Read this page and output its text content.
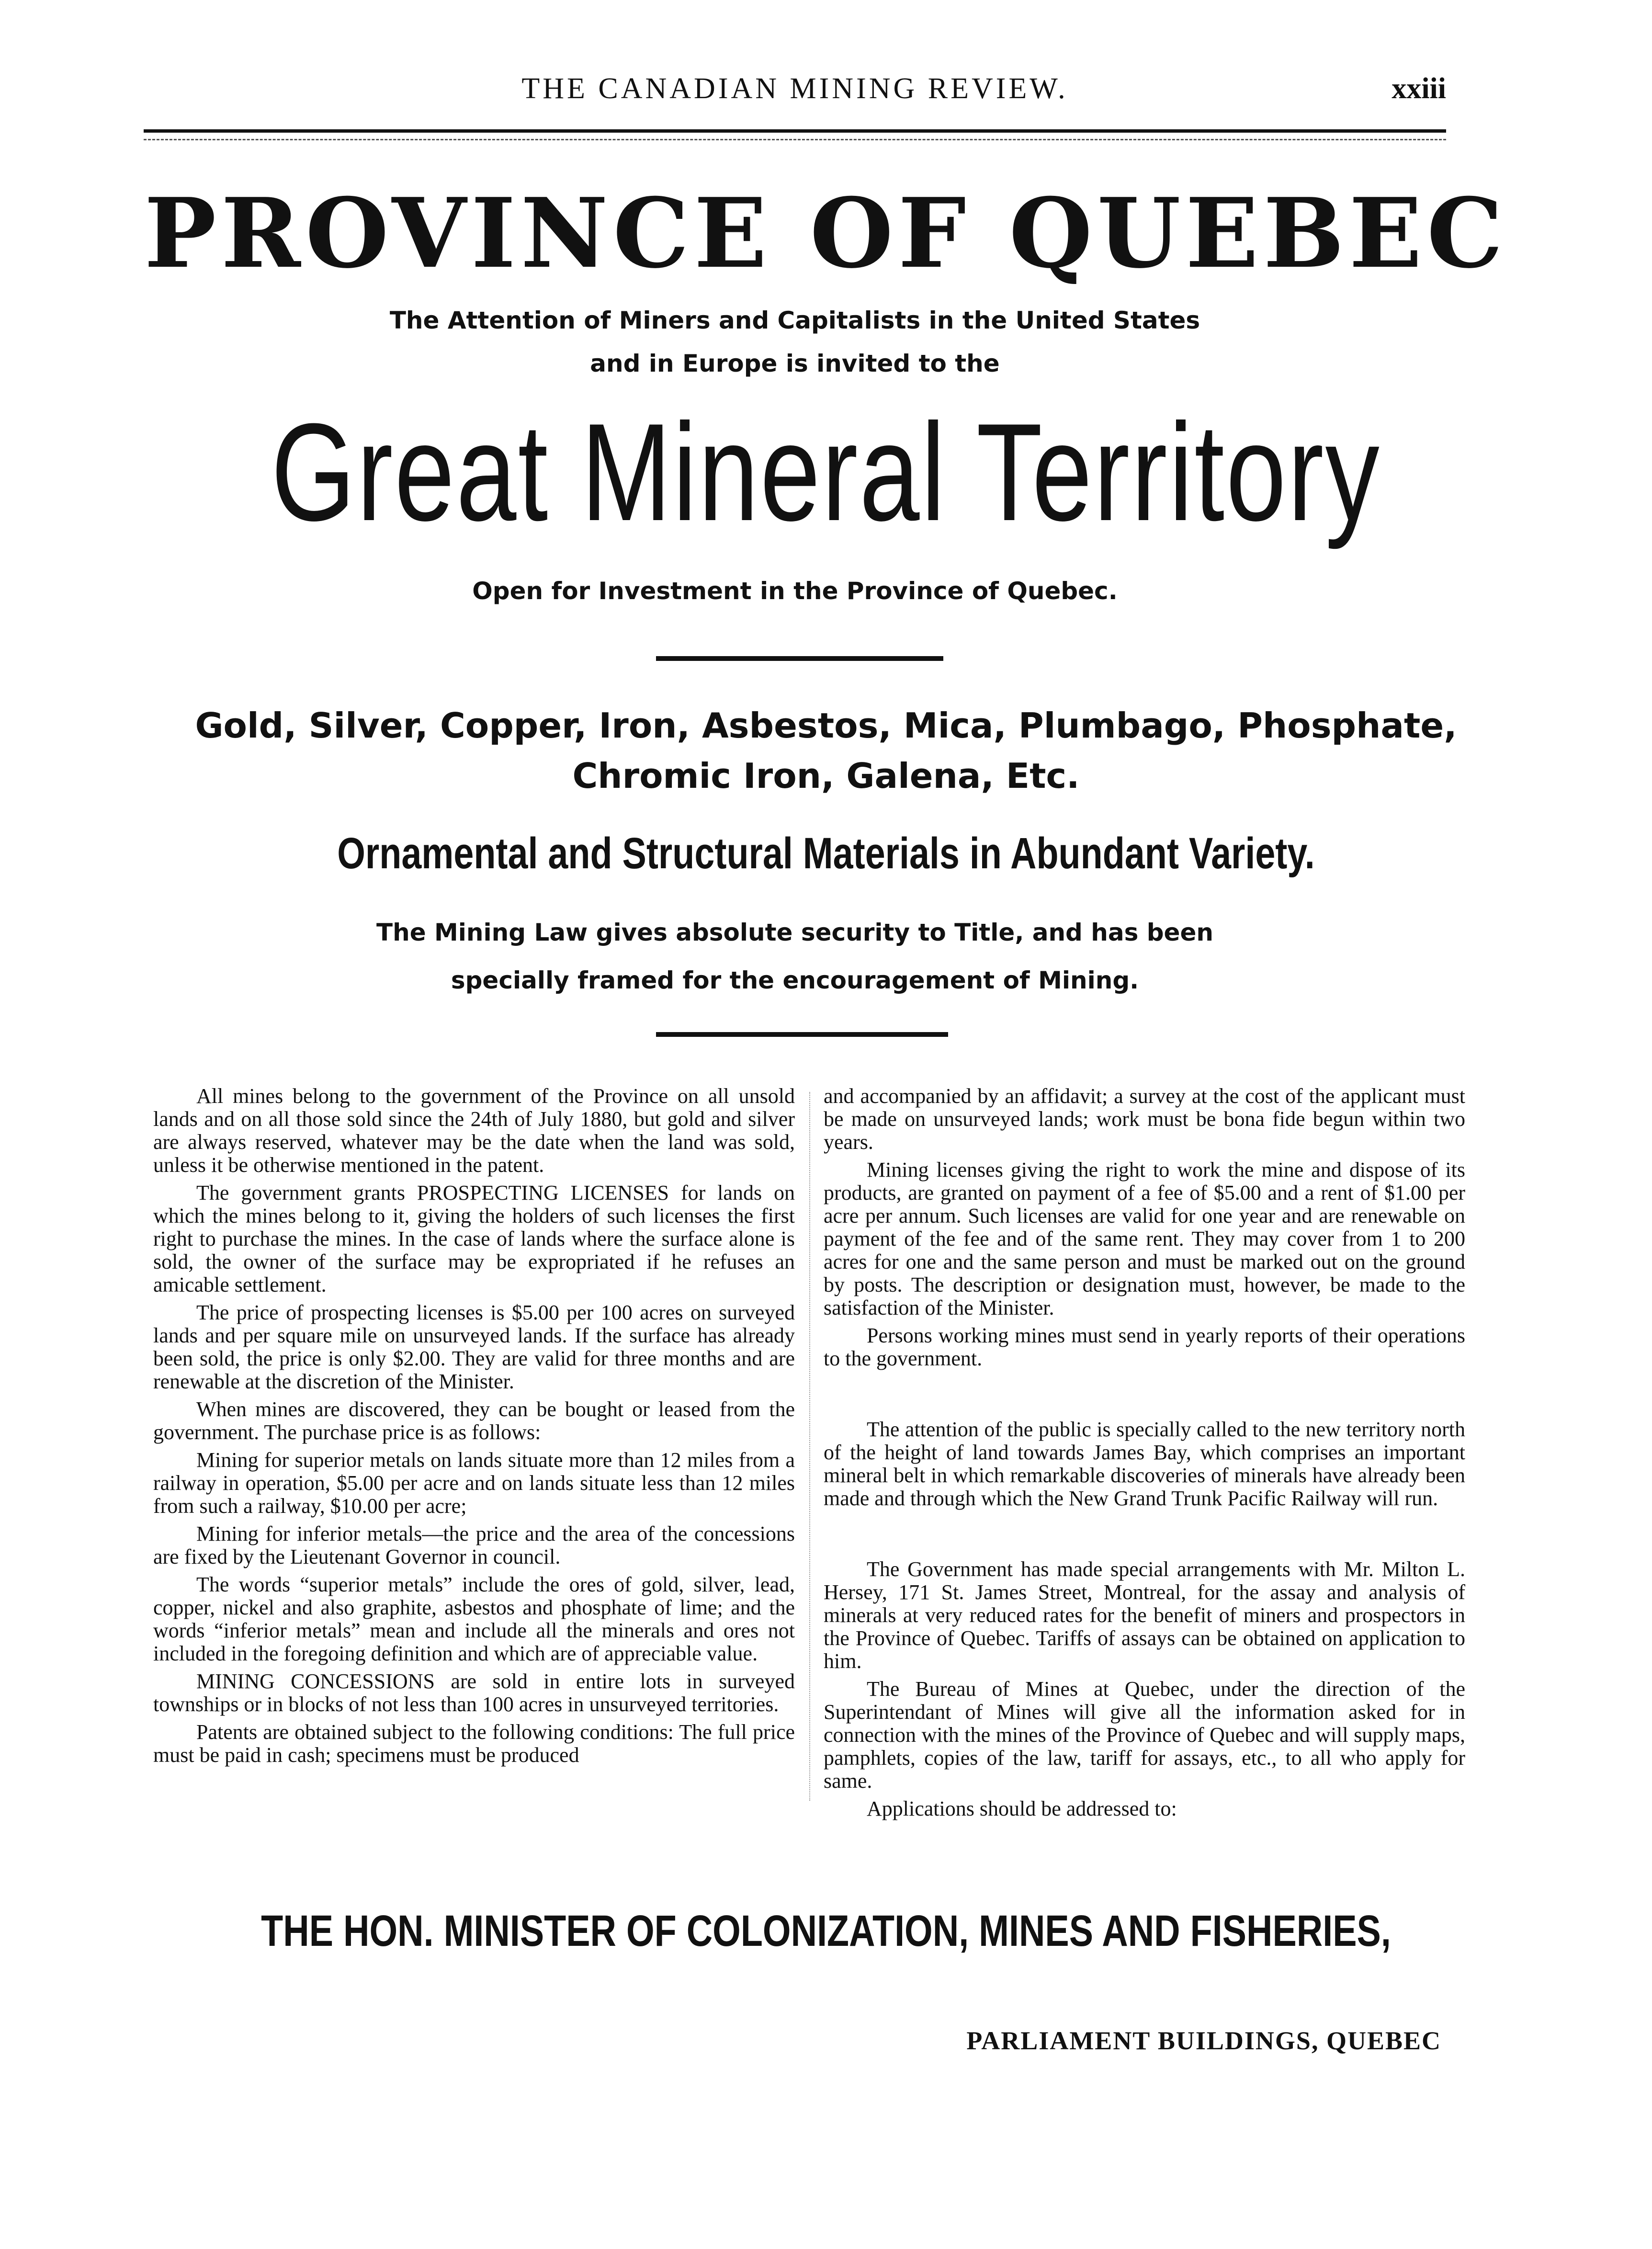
THE CANADIAN MINING REVIEW.	xxiii
PROVINCE OF QUEBEC
The Attention of Miners and Capitalists in the United States
and in Europe is invited to the
Great Mineral Territory
Open for Investment in the Province of Quebec.
Gold, Silver, Copper, Iron, Asbestos, Mica, Plumbago, Phosphate,
Chromic Iron, Galena, Etc.
Ornamental and Structural Materials in Abundant Variety.
The Mining Law gives absolute security to Title, and has been
specially framed for the encouragement of Mining.

All mines belong to the government of the Province on all unsold lands and on all those sold since the 24th of July 1880, but gold and silver are always reserved, whatever may be the date when the land was sold, unless it be otherwise mentioned in the patent.

The government grants PROSPECTING LICENSES for lands on which the mines belong to it, giving the holders of such licenses the first right to purchase the mines. In the case of lands where the surface alone is sold, the owner of the surface may be expropriated if he refuses an amicable settlement.

The price of prospecting licenses is $5.00 per 100 acres on surveyed lands and per square mile on unsurveyed lands. If the surface has already been sold, the price is only $2.00. They are valid for three months and are renewable at the discretion of the Minister.

When mines are discovered, they can be bought or leased from the government. The purchase price is as follows:

Mining for superior metals on lands situate more than 12 miles from a railway in operation, $5.00 per acre and on lands situate less than 12 miles from such a railway, $10.00 per acre;

Mining for inferior metals—the price and the area of the concessions are fixed by the Lieutenant Governor in council.

The words “superior metals” include the ores of gold, silver, lead, copper, nickel and also graphite, asbestos and phosphate of lime; and the words “inferior metals” mean and include all the minerals and ores not included in the foregoing definition and which are of appreciable value.

MINING CONCESSIONS are sold in entire lots in surveyed townships or in blocks of not less than 100 acres in unsurveyed territories.

Patents are obtained subject to the following conditions: The full price must be paid in cash; specimens must be produced

and accompanied by an affidavit; a survey at the cost of the applicant must be made on unsurveyed lands; work must be bona fide begun within two years.

Mining licenses giving the right to work the mine and dispose of its products, are granted on payment of a fee of $5.00 and a rent of $1.00 per acre per annum. Such licenses are valid for one year and are renewable on payment of the fee and of the same rent. They may cover from 1 to 200 acres for one and the same person and must be marked out on the ground by posts. The description or designation must, however, be made to the satisfaction of the Minister.

Persons working mines must send in yearly reports of their operations to the government.

The attention of the public is specially called to the new territory north of the height of land towards James Bay, which comprises an important mineral belt in which remarkable discoveries of minerals have already been made and through which the New Grand Trunk Pacific Railway will run.

The Government has made special arrangements with Mr. Milton L. Hersey, 171 St. James Street, Montreal, for the assay and analysis of minerals at very reduced rates for the benefit of miners and prospectors in the Province of Quebec. Tariffs of assays can be obtained on application to him.

The Bureau of Mines at Quebec, under the direction of the Superintendant of Mines will give all the information asked for in connection with the mines of the Province of Quebec and will supply maps, pamphlets, copies of the law, tariff for assays, etc., to all who apply for same.

Applications should be addressed to:

THE HON. MINISTER OF COLONIZATION, MINES AND FISHERIES,
PARLIAMENT BUILDINGS, QUEBEC
